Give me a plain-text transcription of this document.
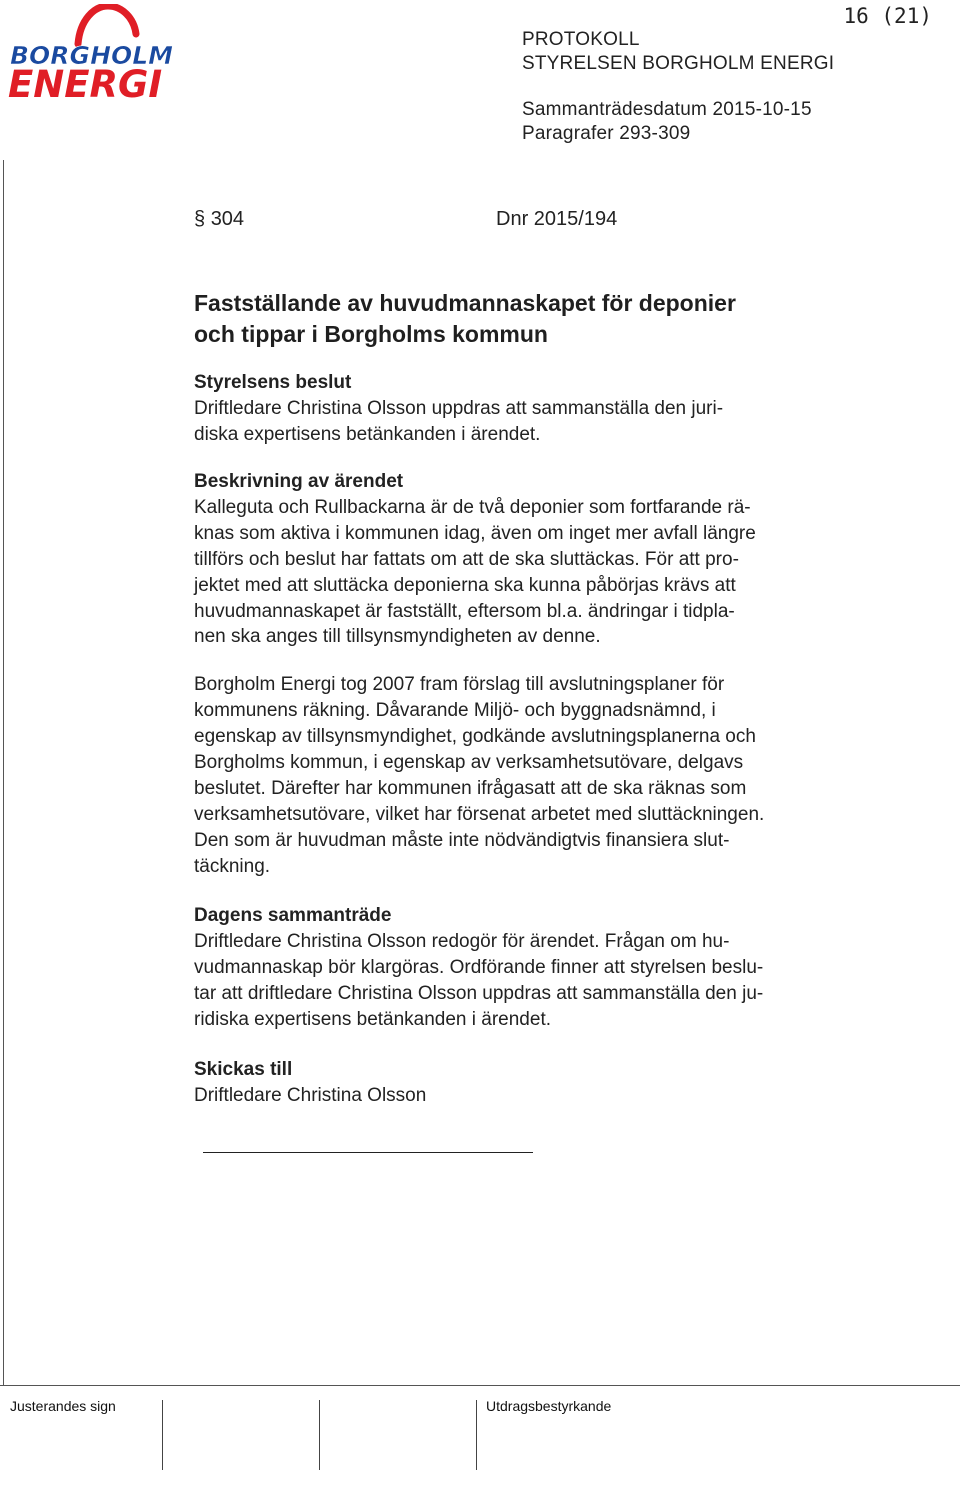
BORGHOLM
ENERGI
16 (21)
PROTOKOLL
STYRELSEN BORGHOLM ENERGI
Sammanträdesdatum 2015-10-15
Paragrafer 293-309
§ 304	Dnr 2015/194
Fastställande av huvudmannaskapet för deponier
och tippar i Borgholms kommun

Styrelsens beslut

Driftledare Christina Olsson uppdras att sammanställa den juri-

diska expertisens betänkanden i ärendet.

Beskrivning av ärendet

Kalleguta och Rullbackarna är de två deponier som fortfarande rä-

knas som aktiva i kommunen idag, även om inget mer avfall längre

tillförs och beslut har fattats om att de ska sluttäckas. För att pro-

jektet med att sluttäcka deponierna ska kunna påbörjas krävs att

huvudmannaskapet är fastställt, eftersom bl.a. ändringar i tidpla-

nen ska anges till tillsynsmyndigheten av denne.

Borgholm Energi tog 2007 fram förslag till avslutningsplaner för

kommunens räkning. Dåvarande Miljö- och byggnadsnämnd, i

egenskap av tillsynsmyndighet, godkände avslutningsplanerna och

Borgholms kommun, i egenskap av verksamhetsutövare, delgavs

beslutet. Därefter har kommunen ifrågasatt att de ska räknas som

verksamhetsutövare, vilket har försenat arbetet med sluttäckningen.

Den som är huvudman måste inte nödvändigtvis finansiera slut-

täckning.

Dagens sammanträde

Driftledare Christina Olsson redogör för ärendet. Frågan om hu-

vudmannaskap bör klargöras. Ordförande finner att styrelsen beslu-

tar att driftledare Christina Olsson uppdras att sammanställa den ju-

ridiska expertisens betänkanden i ärendet.

Skickas till

Driftledare Christina Olsson

Justerandes sign	Utdragsbestyrkande
